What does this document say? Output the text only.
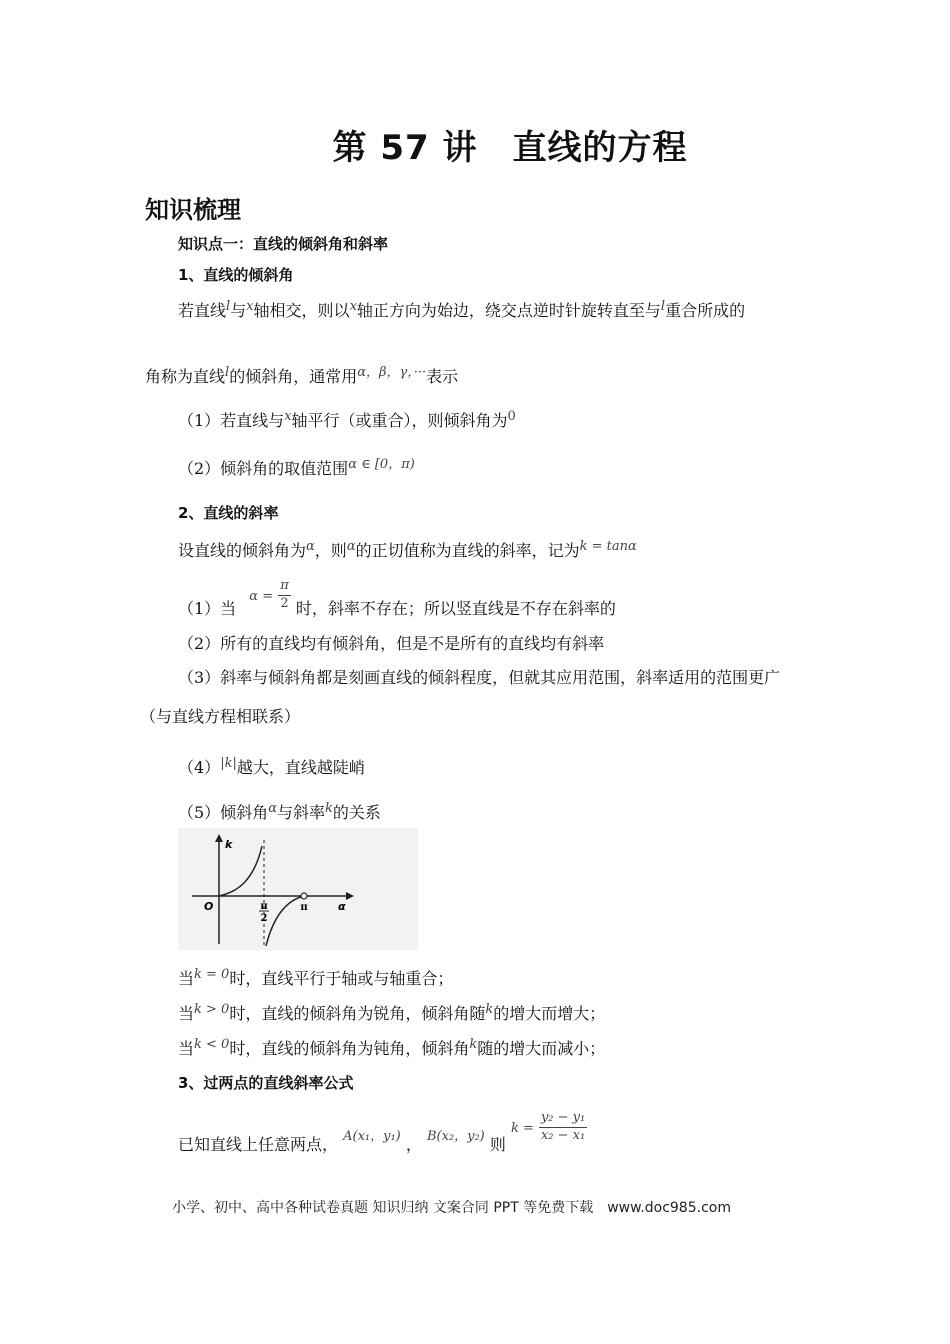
第 57 讲　直线的方程
知识梳理
知识点一：直线的倾斜角和斜率
1、直线的倾斜角
若直线$^l$与$^x$轴相交，则以$^x$轴正方向为始边，绕交点逆时针旋转直至与$^l$重合所成的
角称为直线$^l$的倾斜角，通常用$^{\alpha,\beta,\gamma,\cdot\cdot\cdot}$表示
（1）若直线与$^x$轴平行（或重合），则倾斜角为$^0$
（2）倾斜角的取值范围$^{\alpha \in [0,\pi)}$
2、直线的斜率
设直线的倾斜角为$^\alpha$，则$^\alpha$的正切值称为直线的斜率，记为$^{k = tan\alpha}$
（1）当 $\alpha = \frac{\pi}{2}$ 时，斜率不存在；所以竖直线是不存在斜率的
（2）所有的直线均有倾斜角，但是不是所有的直线均有斜率
（3）斜率与倾斜角都是刻画直线的倾斜程度，但就其应用范围，斜率适用的范围更广
（与直线方程相联系）
$(4)^{|k|}$越大，直线越陡峭
（5）倾斜角$^\alpha$与斜率$^k$的关系
k
O	α
π
2
π
当$^{k = 0}$时，直线平行于轴或与轴重合；
当$^{k > 0}$时，直线的倾斜角为锐角，倾斜角随$^k$的增大而增大；
当$^{k < 0}$时，直线的倾斜角为钝角，倾斜角$^k$随的增大而减小；
3、过两点的直线斜率公式
已知直线上任意两点， A(x₁，y₁) ， B(x₂，y₂) 则 $^{k =} \frac{\text{y₂ − y₁}}{\text{x₂ − x₁}}$
小学、初中、高中各种试卷真题 知识归纳 文案合同 PPT 等免费下载　www.doc985.com
